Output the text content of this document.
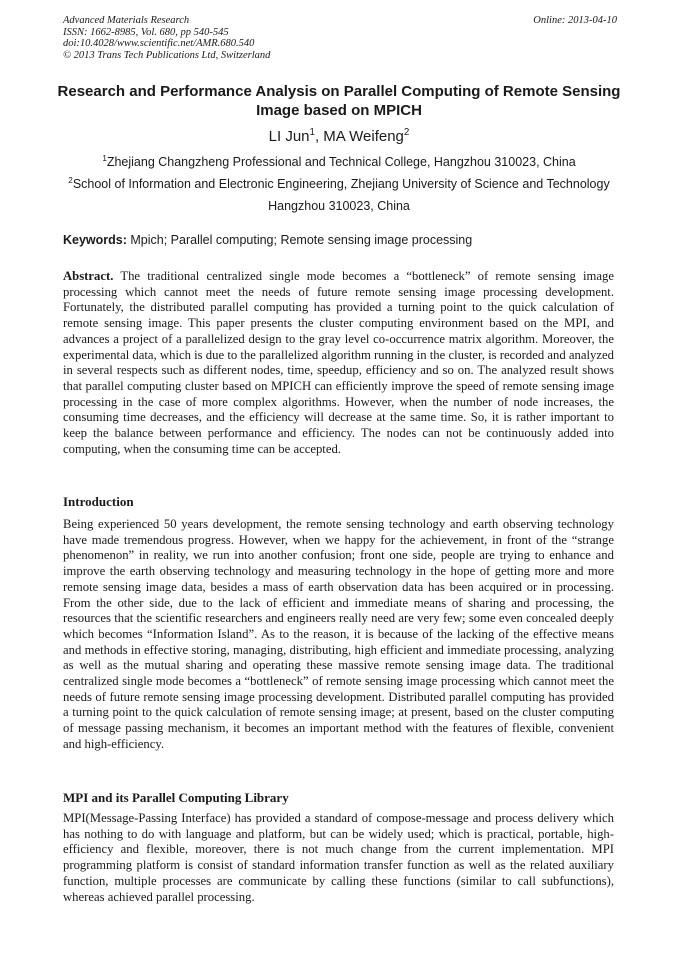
Advanced Materials Research
ISSN: 1662-8985, Vol. 680, pp 540-545
doi:10.4028/www.scientific.net/AMR.680.540
© 2013 Trans Tech Publications Ltd, Switzerland
Online: 2013-04-10
Research and Performance Analysis on Parallel Computing of Remote Sensing Image based on MPICH
LI Jun$^1$, MA Weifeng$^2$
$^1$Zhejiang Changzheng Professional and Technical College, Hangzhou 310023, China
$^2$School of Information and Electronic Engineering, Zhejiang University of Science and Technology
Hangzhou 310023, China
Keywords: Mpich; Parallel computing; Remote sensing image processing
Abstract. The traditional centralized single mode becomes a “bottleneck” of remote sensing image processing which cannot meet the needs of future remote sensing image processing development. Fortunately, the distributed parallel computing has provided a turning point to the quick calculation of remote sensing image. This paper presents the cluster computing environment based on the MPI, and advances a project of a parallelized design to the gray level co-occurrence matrix algorithm. Moreover, the experimental data, which is due to the parallelized algorithm running in the cluster, is recorded and analyzed in several respects such as different nodes, time, speedup, efficiency and so on. The analyzed result shows that parallel computing cluster based on MPICH can efficiently improve the speed of remote sensing image processing in the case of more complex algorithms. However, when the number of node increases, the consuming time decreases, and the efficiency will decrease at the same time. So, it is rather important to keep the balance between performance and efficiency. The nodes can not be continuously added into computing, when the consuming time can be accepted.
Introduction
Being experienced 50 years development, the remote sensing technology and earth observing technology have made tremendous progress. However, when we happy for the achievement, in front of the “strange phenomenon” in reality, we run into another confusion; front one side, people are trying to enhance and improve the earth observing technology and measuring technology in the hope of getting more and more remote sensing image data, besides a mass of earth observation data has been acquired or in processing. From the other side, due to the lack of efficient and immediate means of sharing and processing, the resources that the scientific researchers and engineers really need are very few; some even concealed deeply which becomes “Information Island”. As to the reason, it is because of the lacking of the effective means and methods in effective storing, managing, distributing, high efficient and immediate processing, analyzing as well as the mutual sharing and operating these massive remote sensing image data. The traditional centralized single mode becomes a “bottleneck” of remote sensing image processing which cannot meet the needs of future remote sensing image processing development. Distributed parallel computing has provided a turning point to the quick calculation of remote sensing image; at present, based on the cluster computing of message passing mechanism, it becomes an important method with the features of flexible, convenient and high-efficiency.
MPI and its Parallel Computing Library
MPI(Message-Passing Interface) has provided a standard of compose-message and process delivery which has nothing to do with language and platform, but can be widely used; which is practical, portable, high-efficiency and flexible, moreover, there is not much change from the current implementation. MPI programming platform is consist of standard information transfer function as well as the related auxiliary function, multiple processes are communicate by calling these functions (similar to call subfunctions), whereas achieved parallel processing.
